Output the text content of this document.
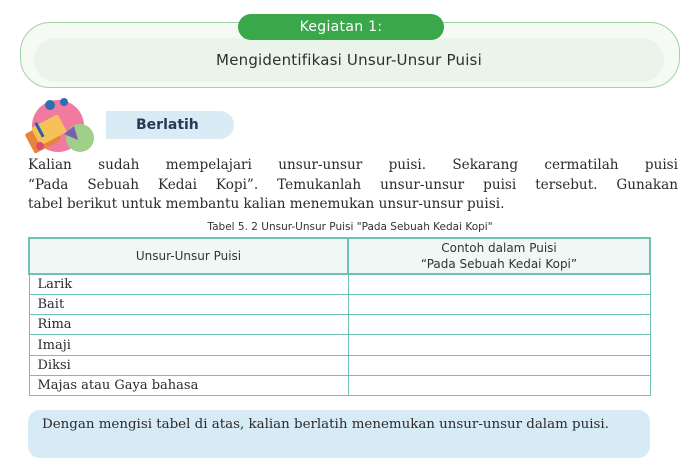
Mengidentifikasi Unsur-Unsur Puisi
Kegiatan 1:
Berlatih
Kalian sudah mempelajari unsur-unsur puisi. Sekarang cermatilah puisi
“Pada Sebuah Kedai Kopi”. Temukanlah unsur-unsur puisi tersebut. Gunakan
tabel berikut untuk membantu kalian menemukan unsur-unsur puisi.
Tabel 5. 2 Unsur-Unsur Puisi "Pada Sebuah Kedai Kopi"
Unsur-Unsur Puisi	Contoh dalam Puisi
“Pada Sebuah Kedai Kopi”
Larik	
Bait	
Rima	
Imaji	
Diksi	
Majas atau Gaya bahasa	
Dengan mengisi tabel di atas, kalian berlatih menemukan unsur-unsur dalam puisi.
